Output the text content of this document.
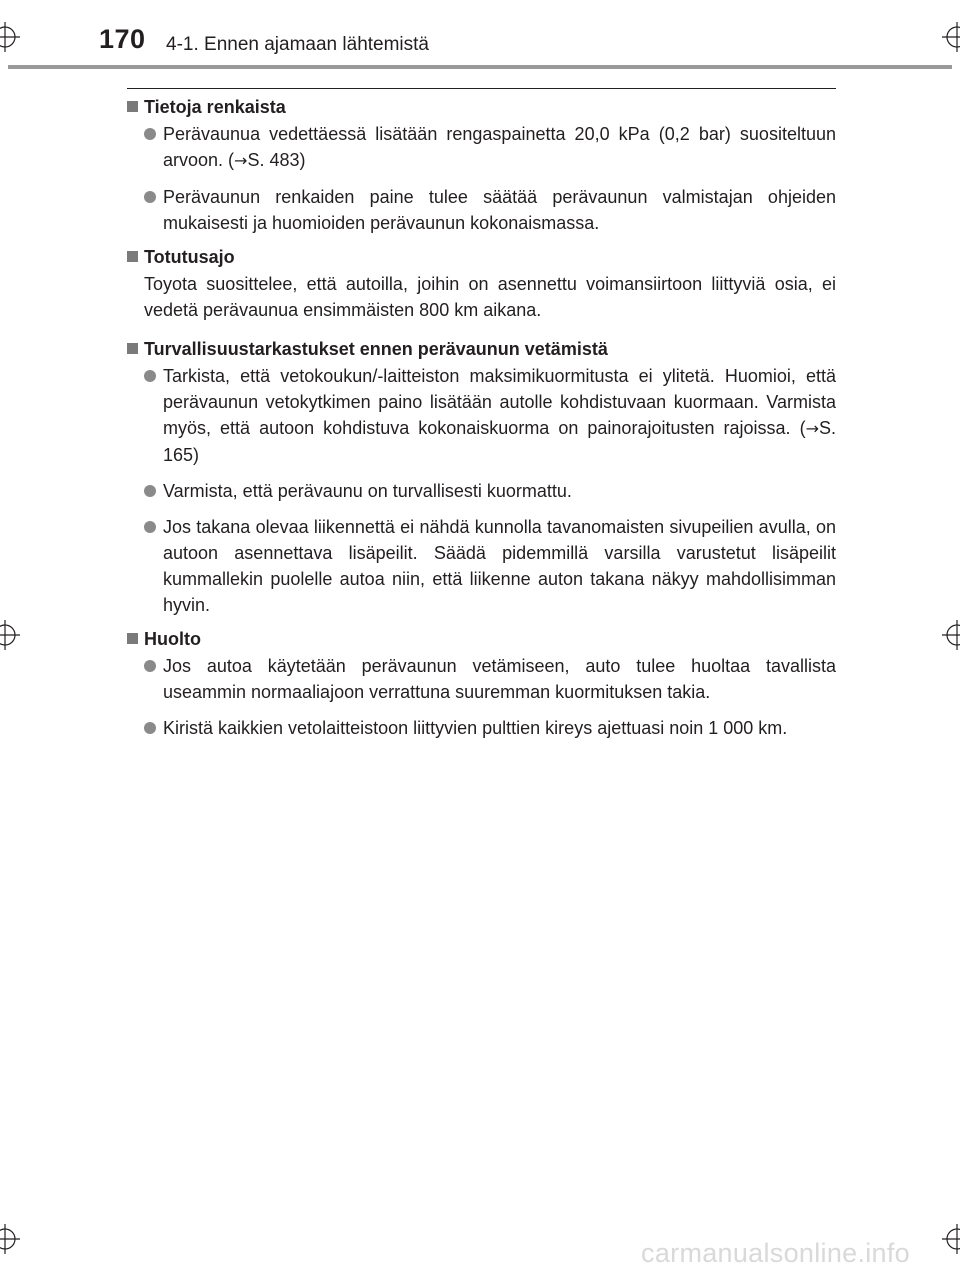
170 4-1. Ennen ajamaan lähtemistä
Tietoja renkaista
Perävaunua vedettäessä lisätään rengaspainetta 20,0 kPa (0,2 bar) suositeltuun arvoon. (→S. 483)
Perävaunun renkaiden paine tulee säätää perävaunun valmistajan ohjeiden mukaisesti ja huomioiden perävaunun kokonaismassa.
Totutusajo
Toyota suosittelee, että autoilla, joihin on asennettu voimansiirtoon liittyviä osia, ei vedetä perävaunua ensimmäisten 800 km aikana.
Turvallisuustarkastukset ennen perävaunun vetämistä
Tarkista, että vetokoukun/-laitteiston maksimikuormitusta ei ylitetä. Huomioi, että perävaunun vetokytkimen paino lisätään autolle kohdistuvaan kuormaan. Varmista myös, että autoon kohdistuva kokonaiskuorma on painorajoitusten rajoissa. (→S. 165)
Varmista, että perävaunu on turvallisesti kuormattu.
Jos takana olevaa liikennettä ei nähdä kunnolla tavanomaisten sivupeilien avulla, on autoon asennettava lisäpeilit. Säädä pidemmillä varsilla varustetut lisäpeilit kummallekin puolelle autoa niin, että liikenne auton takana näkyy mahdollisimman hyvin.
Huolto
Jos autoa käytetään perävaunun vetämiseen, auto tulee huoltaa tavallista useammin normaaliajoon verrattuna suuremman kuormituksen takia.
Kiristä kaikkien vetolaitteistoon liittyvien pulttien kireys ajettuasi noin 1 000 km.
carmanualsonline.info
